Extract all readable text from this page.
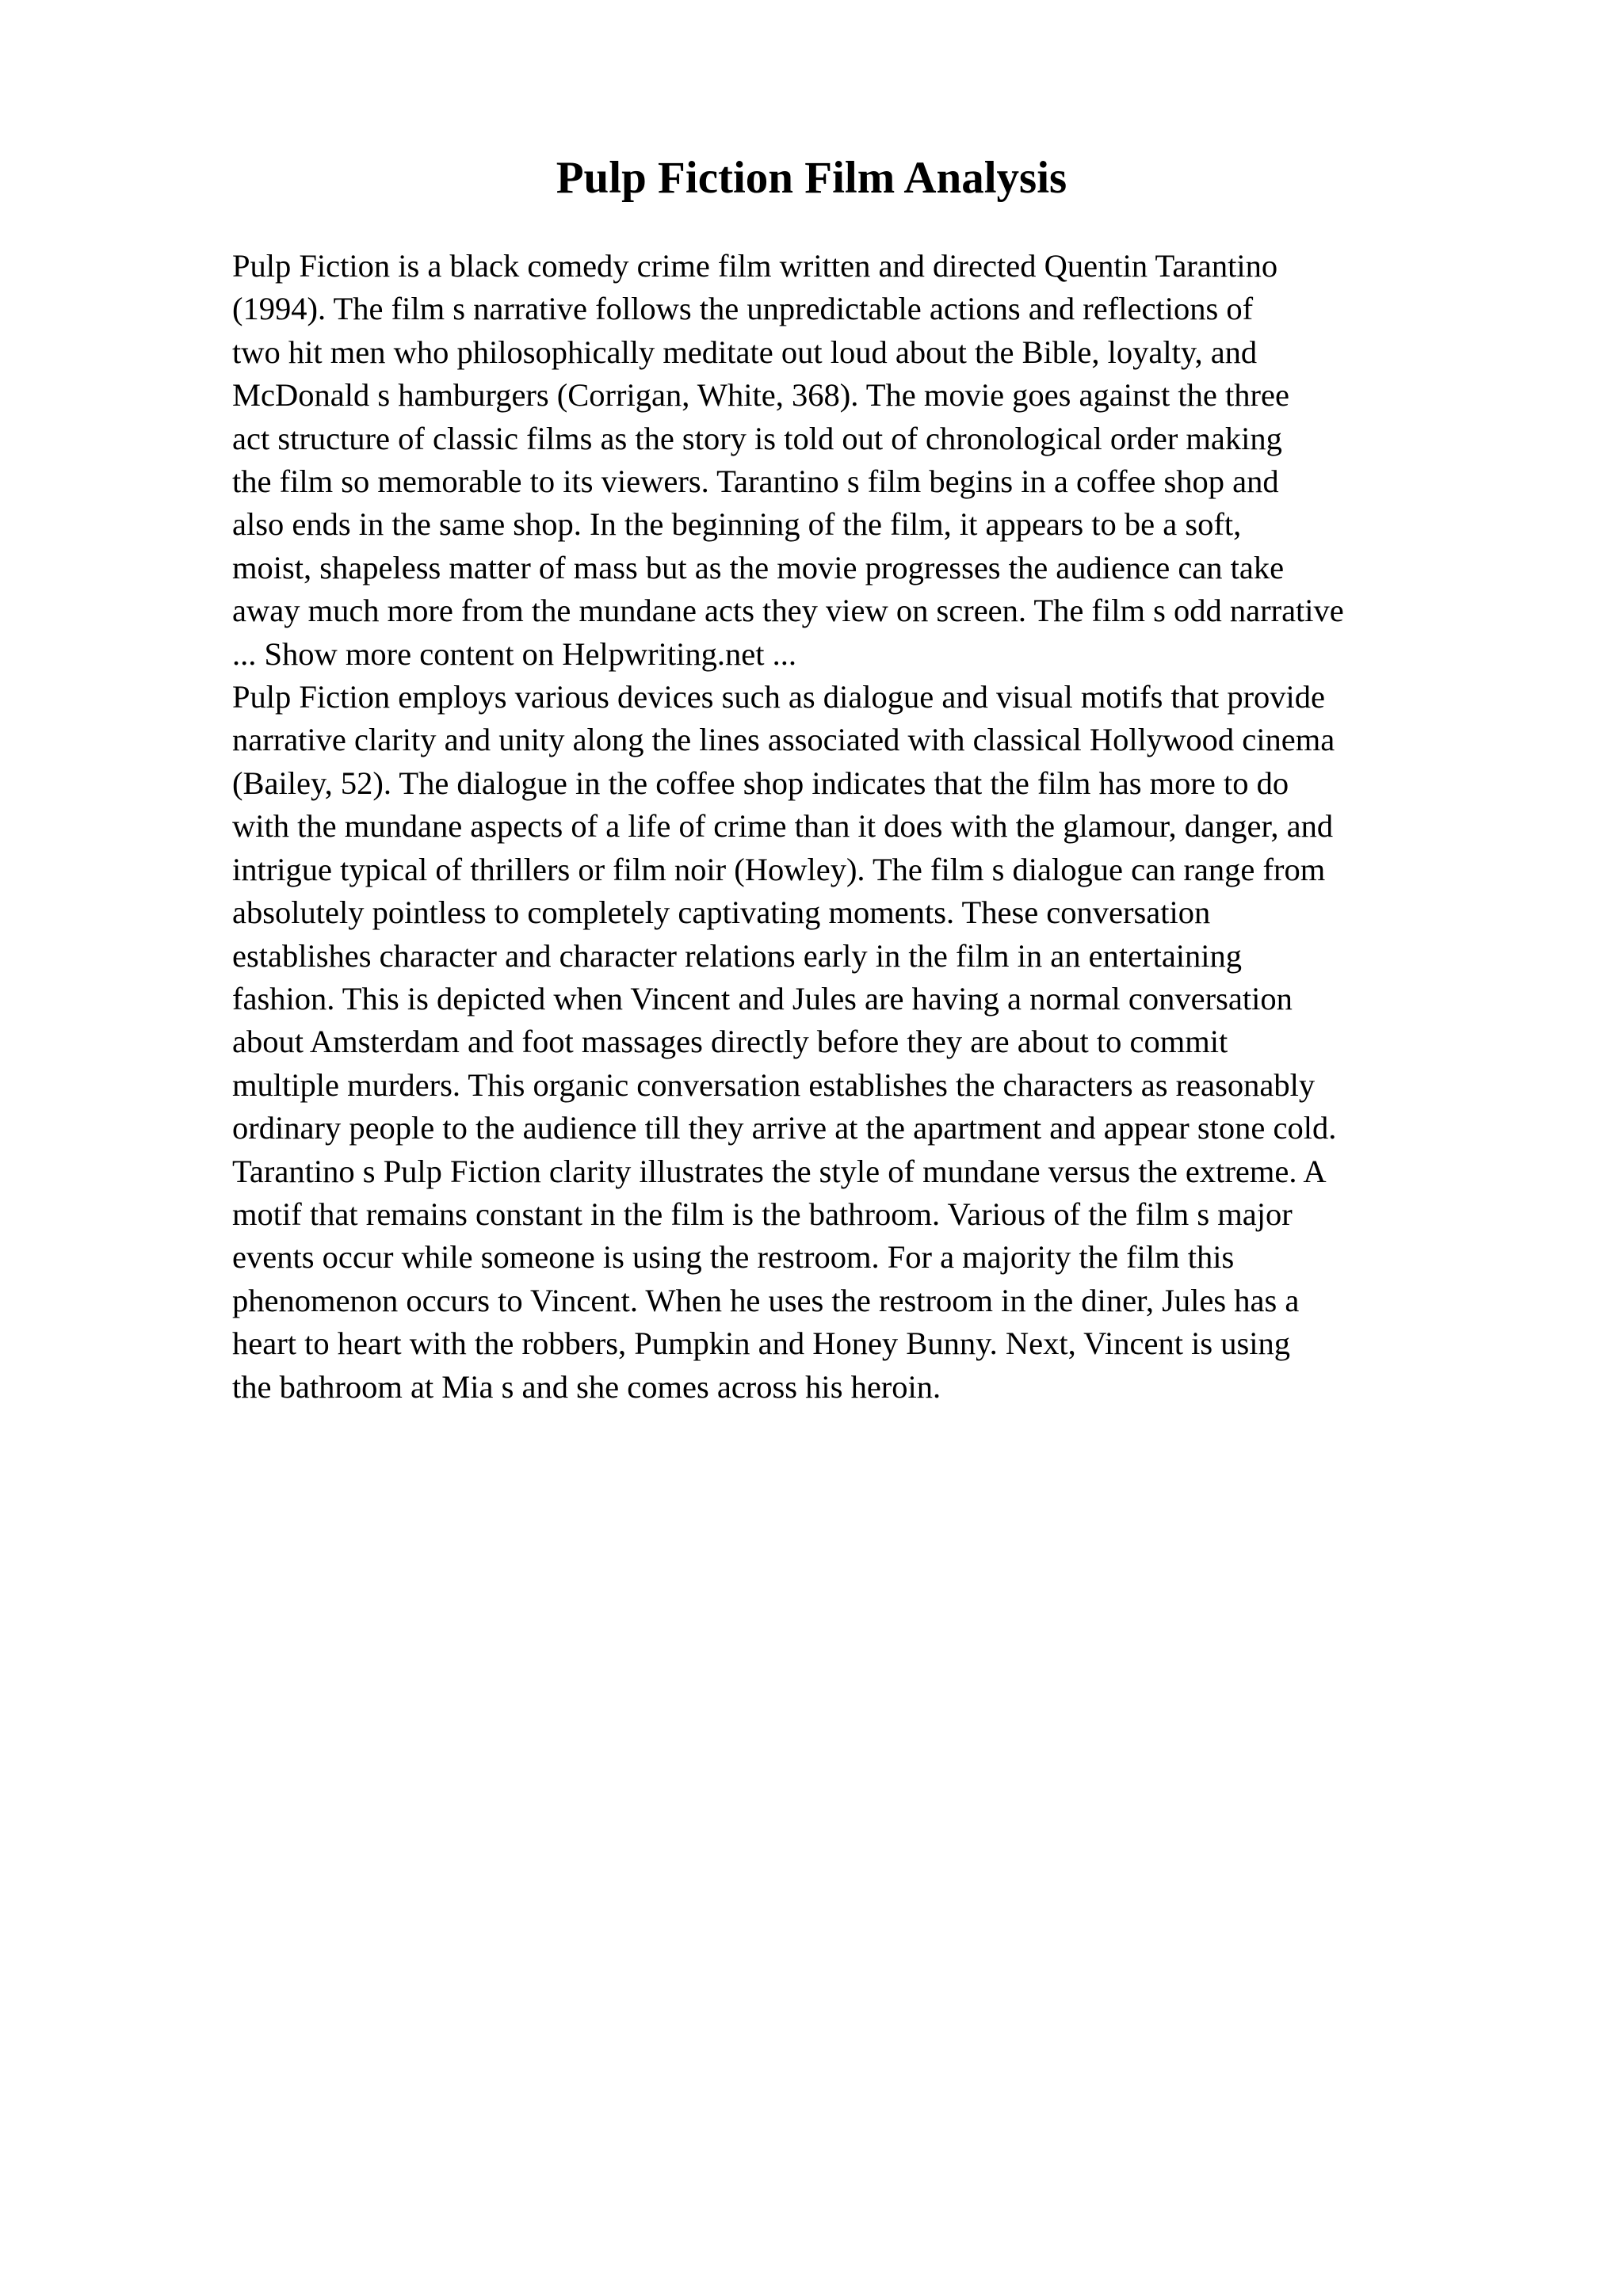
Pulp Fiction Film Analysis
Pulp Fiction is a black comedy crime film written and directed Quentin Tarantino
(1994). The film s narrative follows the unpredictable actions and reflections of
two hit men who philosophically meditate out loud about the Bible, loyalty, and
McDonald s hamburgers (Corrigan, White, 368). The movie goes against the three
act structure of classic films as the story is told out of chronological order making
the film so memorable to its viewers. Tarantino s film begins in a coffee shop and
also ends in the same shop. In the beginning of the film, it appears to be a soft,
moist, shapeless matter of mass but as the movie progresses the audience can take
away much more from the mundane acts they view on screen. The film s odd narrative
... Show more content on Helpwriting.net ...
Pulp Fiction employs various devices such as dialogue and visual motifs that provide
narrative clarity and unity along the lines associated with classical Hollywood cinema
(Bailey, 52). The dialogue in the coffee shop indicates that the film has more to do
with the mundane aspects of a life of crime than it does with the glamour, danger, and
intrigue typical of thrillers or film noir (Howley). The film s dialogue can range from
absolutely pointless to completely captivating moments. These conversation
establishes character and character relations early in the film in an entertaining
fashion. This is depicted when Vincent and Jules are having a normal conversation
about Amsterdam and foot massages directly before they are about to commit
multiple murders. This organic conversation establishes the characters as reasonably
ordinary people to the audience till they arrive at the apartment and appear stone cold.
Tarantino s Pulp Fiction clarity illustrates the style of mundane versus the extreme. A
motif that remains constant in the film is the bathroom. Various of the film s major
events occur while someone is using the restroom. For a majority the film this
phenomenon occurs to Vincent. When he uses the restroom in the diner, Jules has a
heart to heart with the robbers, Pumpkin and Honey Bunny. Next, Vincent is using
the bathroom at Mia s and she comes across his heroin.
